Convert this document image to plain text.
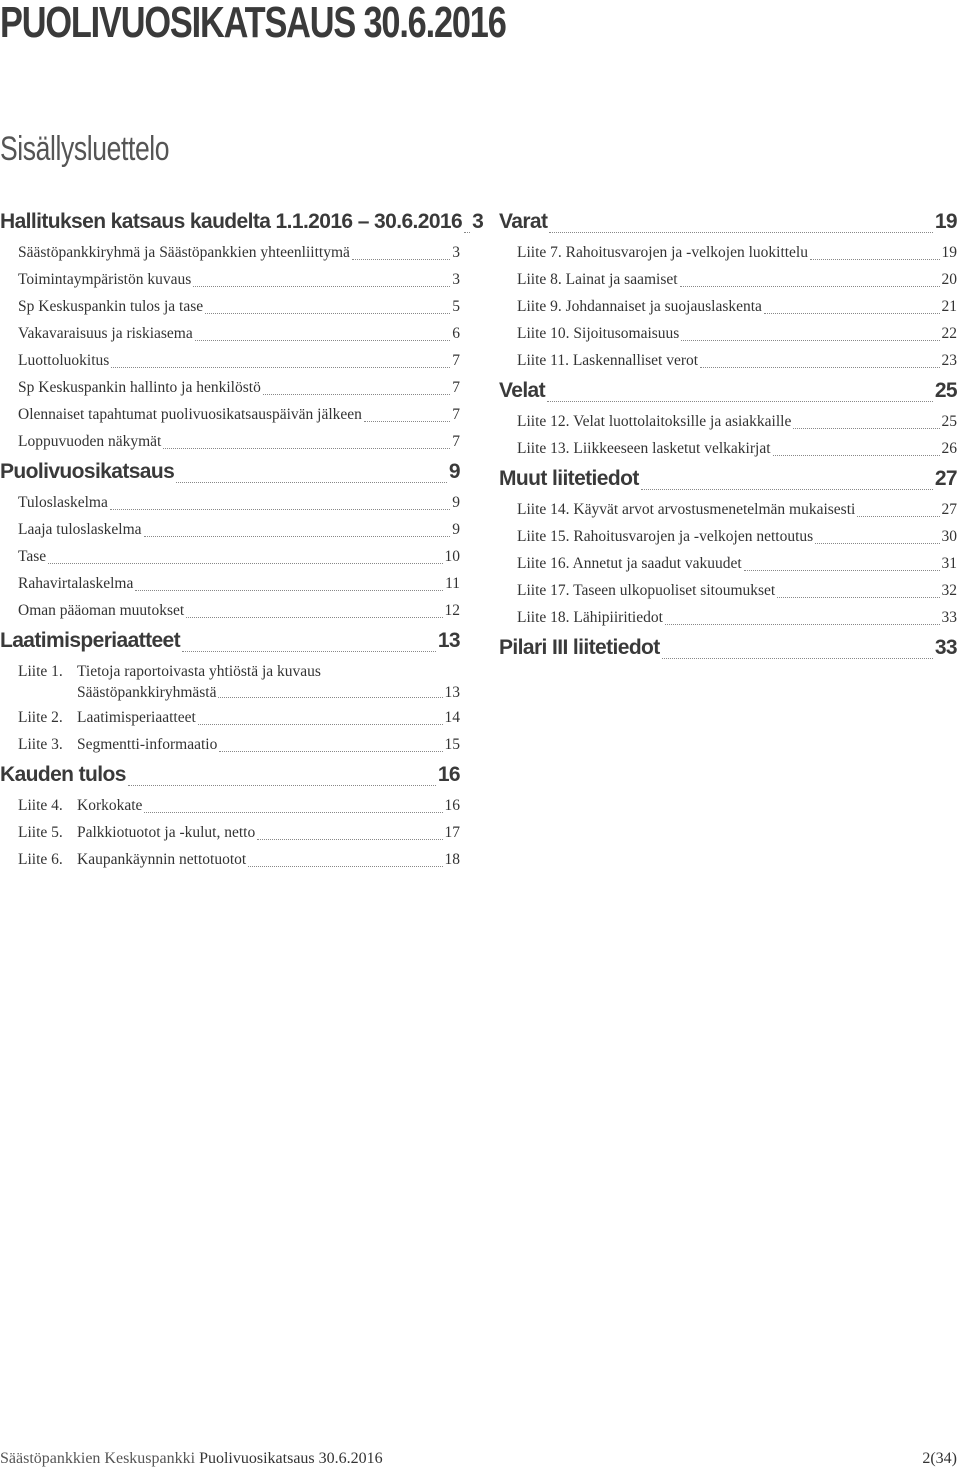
PUOLIVUOSIKATSAUS 30.6.2016
Sisällysluettelo
Hallituksen katsaus kaudelta 1.1.2016 – 30.6.2016 3
Säästöpankkiryhmä ja Säästöpankkien yhteenliittymä	3
Toimintaympäristön kuvaus	3
Sp Keskuspankin tulos ja tase	5
Vakavaraisuus ja riskiasema	6
Luottoluokitus	7
Sp Keskuspankin hallinto ja henkilöstö	7
Olennaiset tapahtumat puolivuosikatsauspäivän jälkeen	7
Loppuvuoden näkymät	7
Puolivuosikatsaus	9
Tuloslaskelma	9
Laaja tuloslaskelma	9
Tase	10
Rahavirtalaskelma	11
Oman pääoman muutokset	12
Laatimisperiaatteet	13
Liite 1. Tietoja raportoivasta yhtiöstä ja kuvaus
Säästöpankkiryhmästä	13
Liite 2. Laatimisperiaatteet	14
Liite 3. Segmentti-informaatio	15
Kauden tulos	16
Liite 4. Korkokate	16
Liite 5. Palkkiotuotot ja -kulut, netto	17
Liite 6. Kaupankäynnin nettotuotot	18
Varat	19
Liite 7. Rahoitusvarojen ja -velkojen luokittelu	19
Liite 8. Lainat ja saamiset	20
Liite 9. Johdannaiset ja suojauslaskenta	21
Liite 10. Sijoitusomaisuus	22
Liite 11. Laskennalliset verot	23
Velat	25
Liite 12. Velat luottolaitoksille ja asiakkaille	25
Liite 13. Liikkeeseen lasketut velkakirjat	26
Muut liitetiedot	27
Liite 14. Käyvät arvot arvostusmenetelmän mukaisesti	27
Liite 15. Rahoitusvarojen ja -velkojen nettoutus	30
Liite 16. Annetut ja saadut vakuudet	31
Liite 17. Taseen ulkopuoliset sitoumukset	32
Liite 18. Lähipiiritiedot	33
Pilari III liitetiedot	33
Säästöpankkien Keskuspankki Puolivuosikatsaus 30.6.2016	2(34)
